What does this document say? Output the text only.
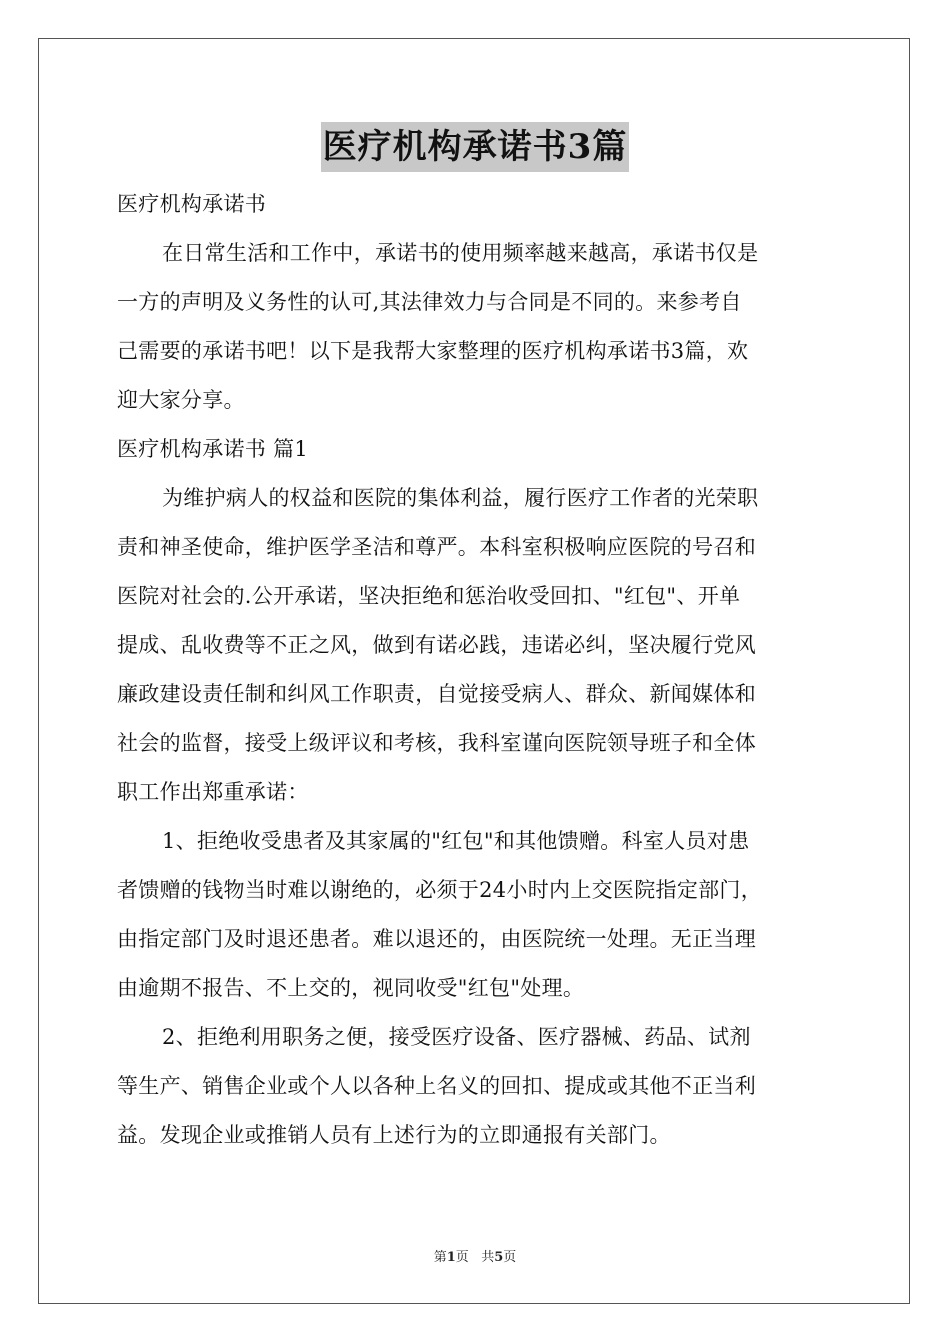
医疗机构承诺书3篇
医疗机构承诺书
在日常生活和工作中，承诺书的使用频率越来越高，承诺书仅是
一方的声明及义务性的认可,其法律效力与合同是不同的。来参考自
己需要的承诺书吧！以下是我帮大家整理的医疗机构承诺书3篇，欢
迎大家分享。
医疗机构承诺书 篇1
为维护病人的权益和医院的集体利益，履行医疗工作者的光荣职
责和神圣使命，维护医学圣洁和尊严。本科室积极响应医院的号召和
医院对社会的.公开承诺，坚决拒绝和惩治收受回扣、"红包"、开单
提成、乱收费等不正之风，做到有诺必践，违诺必纠，坚决履行党风
廉政建设责任制和纠风工作职责，自觉接受病人、群众、新闻媒体和
社会的监督，接受上级评议和考核，我科室谨向医院领导班子和全体
职工作出郑重承诺：
1、拒绝收受患者及其家属的"红包"和其他馈赠。科室人员对患
者馈赠的钱物当时难以谢绝的，必须于24小时内上交医院指定部门，
由指定部门及时退还患者。难以退还的，由医院统一处理。无正当理
由逾期不报告、不上交的，视同收受"红包"处理。
2、拒绝利用职务之便，接受医疗设备、医疗器械、药品、试剂
等生产、销售企业或个人以各种上名义的回扣、提成或其他不正当利
益。发现企业或推销人员有上述行为的立即通报有关部门。
第1页 共5页
